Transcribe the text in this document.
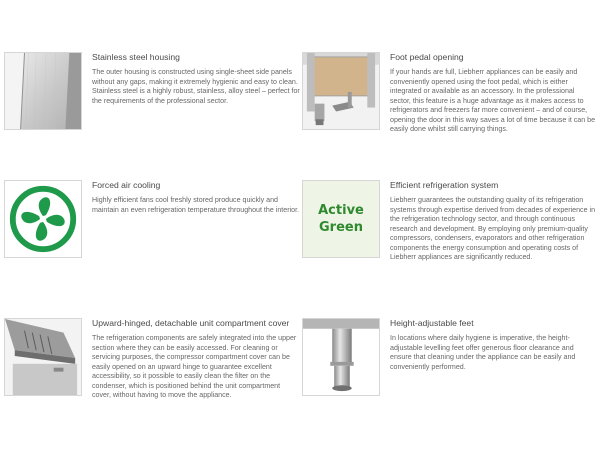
Stainless steel housing

The outer housing is constructed using single-sheet side panels without any gaps, making it extremely hygienic and easy to clean. Stainless steel is a highly robust, stainless, alloy steel – perfect for the requirements of the professional sector.

Foot pedal opening

If your hands are full, Liebherr appliances can be easily and conveniently opened using the foot pedal, which is either integrated or available as an accessory. In the professional sector, this feature is a huge advantage as it makes access to refrigerators and freezers far more convenient – and of course, opening the door in this way saves a lot of time because it can be easily done whilst still carrying things.

Forced air cooling

Highly efficient fans cool freshly stored produce quickly and maintain an even refrigeration temperature throughout the interior. Active
Green

Efficient refrigeration system

Liebherr guarantees the outstanding quality of its refrigeration systems through expertise derived from decades of experience in the refrigeration technology sector, and through continuous research and development. By employing only premium-quality compressors, condensers, evaporators and other refrigeration components the energy consumption and operating costs of Liebherr appliances are significantly reduced.

Upward-hinged, detachable unit compartment cover

The refrigeration components are safely integrated into the upper section where they can be easily accessed. For cleaning or servicing purposes, the compressor compartment cover can be easily opened on an upward hinge to guarantee excellent accessibility, so it possible to easily clean the filter on the condenser, which is positioned behind the unit compartment cover, without having to move the appliance.

Height-adjustable feet

In locations where daily hygiene is imperative, the height-adjustable levelling feet offer generous floor clearance and ensure that cleaning under the appliance can be easily and conveniently performed.
